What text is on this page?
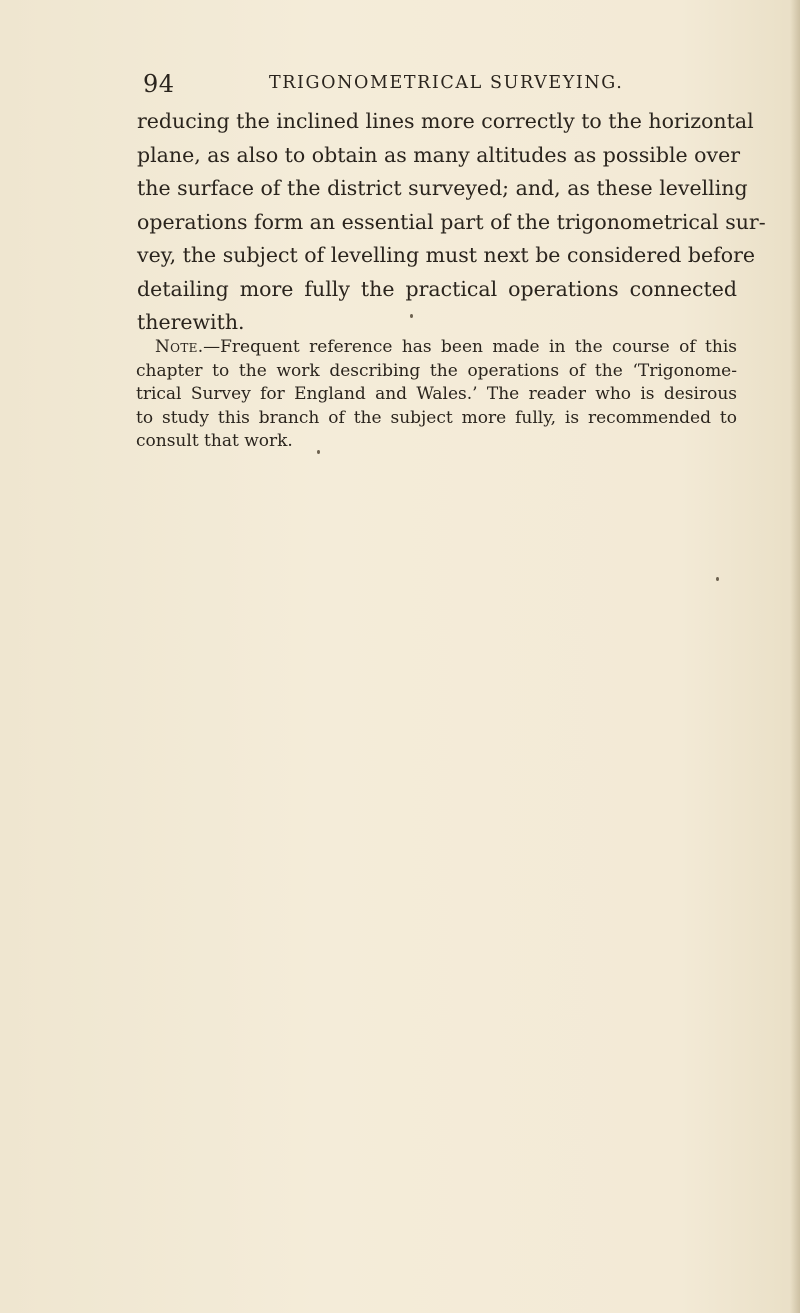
94	TRIGONOMETRICAL SURVEYING.

reducing the inclined lines more correctly to the horizontal
plane, as also to obtain as many altitudes as possible over
the surface of the district surveyed; and, as these levelling
operations form an essential part of the trigonometrical sur-
vey, the subject of levelling must next be considered before
detailing more fully the practical operations connected
therewith.

Note.—Frequent reference has been made in the course of this
chapter to the work describing the operations of the ‘Trigonome-
trical Survey for England and Wales.’ The reader who is desirous
to study this branch of the subject more fully, is recommended to
consult that work.
